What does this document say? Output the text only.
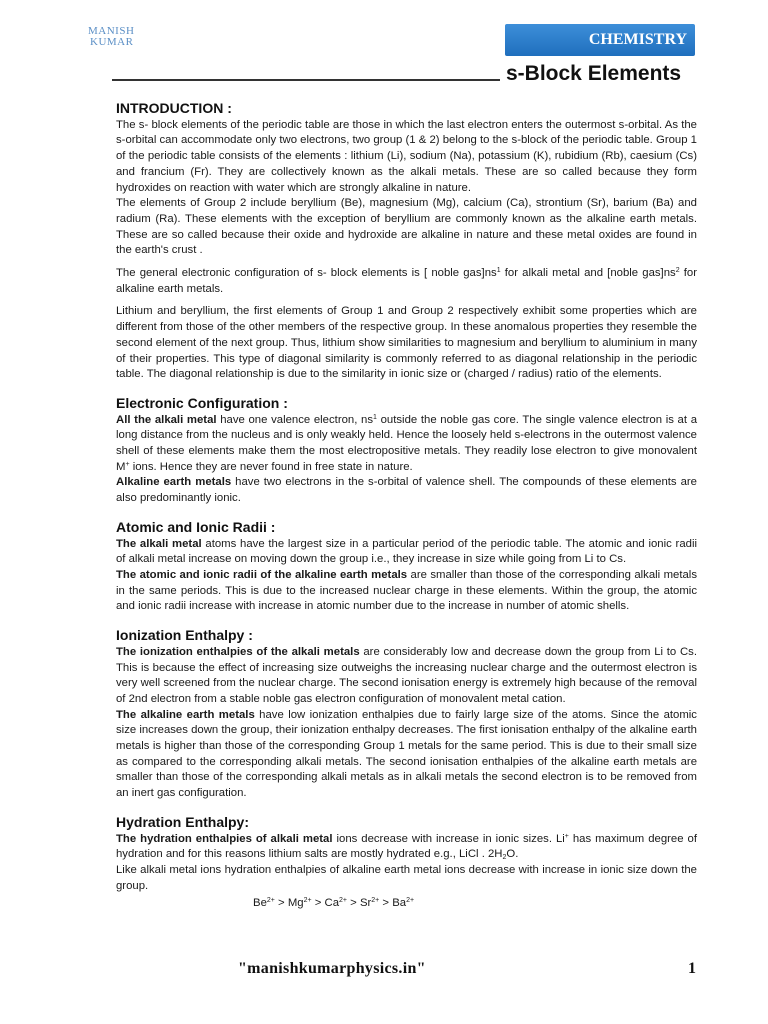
MANISH
KUMAR	CHEMISTRY
s-Block Elements
INTRODUCTION :

The s- block elements of the periodic table are those in which the last electron enters the outermost s-orbital. As the s-orbital can accommodate only two electrons, two group (1 & 2) belong to the s-block of the periodic table. Group 1 of the periodic table consists of the elements : lithium (Li), sodium (Na), potassium (K), rubidium (Rb), caesium (Cs) and francium (Fr). They are collectively known as the alkali metals. These are so called because they form hydroxides on reaction with water which are strongly alkaline in nature.

The elements of Group 2 include beryllium (Be), magnesium (Mg), calcium (Ca), strontium (Sr), barium (Ba) and radium (Ra). These elements with the exception of beryllium are commonly known as the alkaline earth metals. These are so called because their oxide and hydroxide are alkaline in nature and these metal oxides are found in the earth's crust .

The general electronic configuration of s- block elements is [ noble $gas]ns^1$ for alkali metal and [noble $gas]ns^2$ for alkaline earth metals.

Lithium and beryllium, the first elements of Group 1 and Group 2 respectively exhibit some properties which are different from those of the other members of the respective group. In these anomalous properties they resemble the second element of the next group. Thus, lithium show similarities to magnesium and beryllium to aluminium in many of their properties. This type of diagonal similarity is commonly referred to as diagonal relationship in the periodic table. The diagonal relationship is due to the similarity in ionic size or (charged / radius) ratio of the elements.

Electronic Configuration :

All the alkali metal have one valence electron, $ns^1$ outside the noble gas core. The single valence electron is at a long distance from the nucleus and is only weakly held. Hence the loosely held s-electrons in the outermost valence shell of these elements make them the most electropositive metals. They readily lose electron to give monovalent M+ ions. Hence they are never found in free state in nature.

Alkaline earth metals have two electrons in the s-orbital of valence shell. The compounds of these elements are also predominantly ionic.

Atomic and Ionic Radii :

The alkali metal atoms have the largest size in a particular period of the periodic table. The atomic and ionic radii of alkali metal increase on moving down the group i.e., they increase in size while going from Li to Cs.

The atomic and ionic radii of the alkaline earth metals are smaller than those of the corresponding alkali metals in the same periods. This is due to the increased nuclear charge in these elements. Within the group, the atomic and ionic radii increase with increase in atomic number due to the increase in number of atomic shells.

Ionization Enthalpy :

The ionization enthalpies of the alkali metals are considerably low and decrease down the group from Li to Cs. This is because the effect of increasing size outweighs the increasing nuclear charge and the outermost electron is very well screened from the nuclear charge. The second ionisation energy is extremely high because of the removal of 2nd electron from a stable noble gas electron configuration of monovalent metal cation.

The alkaline earth metals have low ionization enthalpies due to fairly large size of the atoms. Since the atomic size increases down the group, their ionization enthalpy decreases. The first ionisation enthalpy of the alkaline earth metals is higher than those of the corresponding Group 1 metals for the same period. This is due to their small size as compared to the corresponding alkali metals. The second ionisation enthalpies of the alkaline earth metals are smaller than those of the corresponding alkali metals as in alkali metals the second electron is to be removed from an inert gas configuration.

Hydration Enthalpy:

The hydration enthalpies of alkali metal ions decrease with increase in ionic sizes. Li+ has maximum degree of hydration and for this reasons lithium salts are mostly hydrated e.g., LiCl . $2H_2O$.

Like alkali metal ions hydration enthalpies of alkaline earth metal ions decrease with increase in ionic size down the group.

$Be^{2+} > Mg^{2+} > Ca^{2+} > Sr^{2+} > Ba^{2+}$
"manishkumarphysics.in"	1
